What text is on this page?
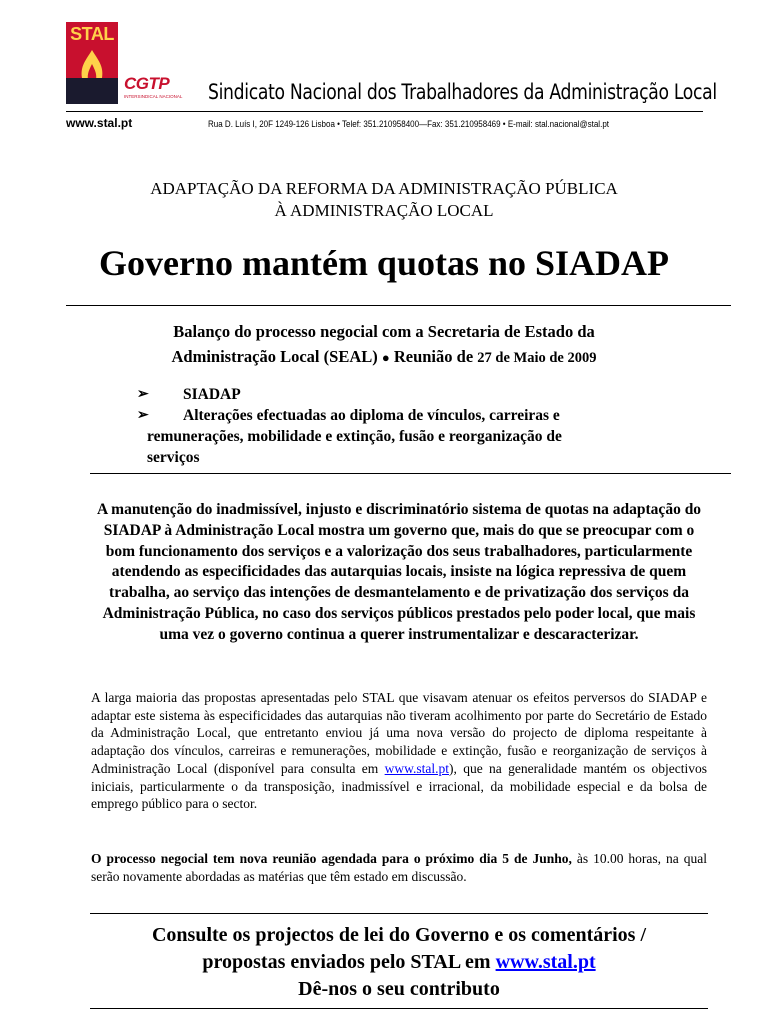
STAL
CGTP
INTERSINDICAL NACIONAL Sindicato Nacional dos Trabalhadores da Administração Local
www.stal.pt	Rua D. Luís I, 20F 1249-126 Lisboa • Telef: 351.210958400—Fax: 351.210958469 • E-mail: stal.nacional@stal.pt
ADAPTAÇÃO DA REFORMA DA ADMINISTRAÇÃO PÚBLICA
À ADMINISTRAÇÃO LOCAL
Governo mantém quotas no SIADAP
Balanço do processo negocial com a Secretaria de Estado da
Administração Local (SEAL) ● Reunião de 27 de Maio de 2009
➢	SIADAP
➢	Alterações efectuadas ao diploma de vínculos, carreiras e
remunerações, mobilidade e extinção, fusão e reorganização de
serviços
A manutenção do inadmissível, injusto e discriminatório sistema de quotas na adaptação do SIADAP à Administração Local mostra um governo que, mais do que se preocupar com o bom funcionamento dos serviços e a valorização dos seus trabalhadores, particularmente atendendo as especificidades das autarquias locais, insiste na lógica repressiva de quem trabalha, ao serviço das intenções de desmantelamento e de privatização dos serviços da Administração Pública, no caso dos serviços públicos prestados pelo poder local, que mais uma vez o governo continua a querer instrumentalizar e descaracterizar.
A larga maioria das propostas apresentadas pelo STAL que visavam atenuar os efeitos perversos do SIADAP e adaptar este sistema às especificidades das autarquias não tiveram acolhimento por parte do Secretário de Estado da Administração Local, que entretanto enviou já uma nova versão do projecto de diploma respeitante à adaptação dos vínculos, carreiras e remunerações, mobilidade e extinção, fusão e reorganização de serviços à Administração Local (disponível para consulta em www.stal.pt), que na generalidade mantém os objectivos iniciais, particularmente o da transposição, inadmissível e irracional, da mobilidade especial e da bolsa de emprego público para o sector.
O processo negocial tem nova reunião agendada para o próximo dia 5 de Junho, às 10.00 horas, na qual serão novamente abordadas as matérias que têm estado em discussão.
Consulte os projectos de lei do Governo e os comentários /
propostas enviados pelo STAL em www.stal.pt
Dê-nos o seu contributo
